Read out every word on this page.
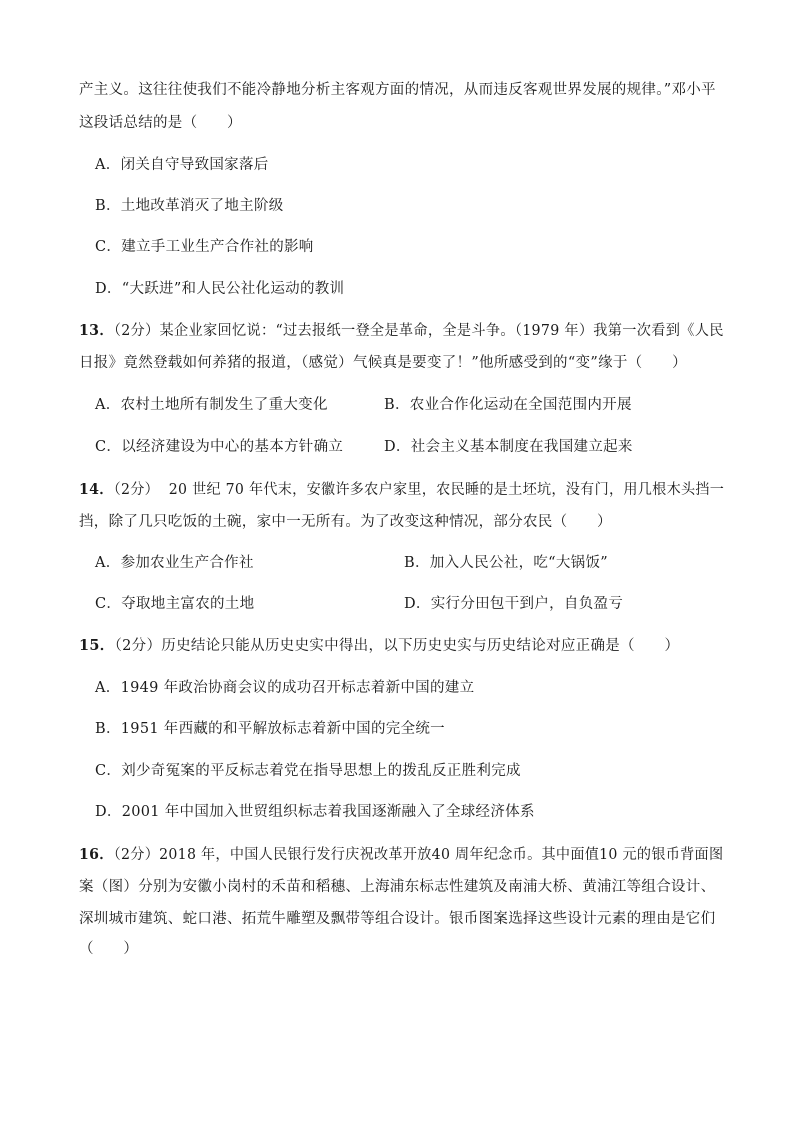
产主义。这往往使我们不能冷静地分析主客观方面的情况，从而违反客观世界发展的规律。”邓小平
这段话总结的是（　　）
A．闭关自守导致国家落后
B．土地改革消灭了地主阶级
C．建立手工业生产合作社的影响
D．“大跃进”和人民公社化运动的教训
13．（2分）某企业家回忆说：“过去报纸一登全是革命，全是斗争。（1979 年）我第一次看到《人民
日报》竟然登载如何养猪的报道，（感觉）气候真是要变了！”他所感受到的“变”缘于（　　）
A．农村土地所有制发生了重大变化	B．农业合作化运动在全国范围内开展
C．以经济建设为中心的基本方针确立	D．社会主义基本制度在我国建立起来
14．（2分） 20 世纪 70 年代末，安徽许多农户家里，农民睡的是土坯坑，没有门，用几根木头挡一
挡，除了几只吃饭的土碗，家中一无所有。为了改变这种情况，部分农民（　　）
A．参加农业生产合作社	B．加入人民公社，吃“大锅饭”
C．夺取地主富农的土地	D．实行分田包干到户，自负盈亏
15．（2分）历史结论只能从历史史实中得出，以下历史史实与历史结论对应正确是（　　）
A．1949 年政治协商会议的成功召开标志着新中国的建立
B．1951 年西藏的和平解放标志着新中国的完全统一
C．刘少奇冤案的平反标志着党在指导思想上的拨乱反正胜利完成
D．2001 年中国加入世贸组织标志着我国逐渐融入了全球经济体系
16．（2分）2018 年，中国人民银行发行庆祝改革开放40 周年纪念币。其中面值10 元的银币背面图
案（图）分别为安徽小岗村的禾苗和稻穗、上海浦东标志性建筑及南浦大桥、黄浦江等组合设计、
深圳城市建筑、蛇口港、拓荒牛雕塑及飘带等组合设计。银币图案选择这些设计元素的理由是它们
（　　）
